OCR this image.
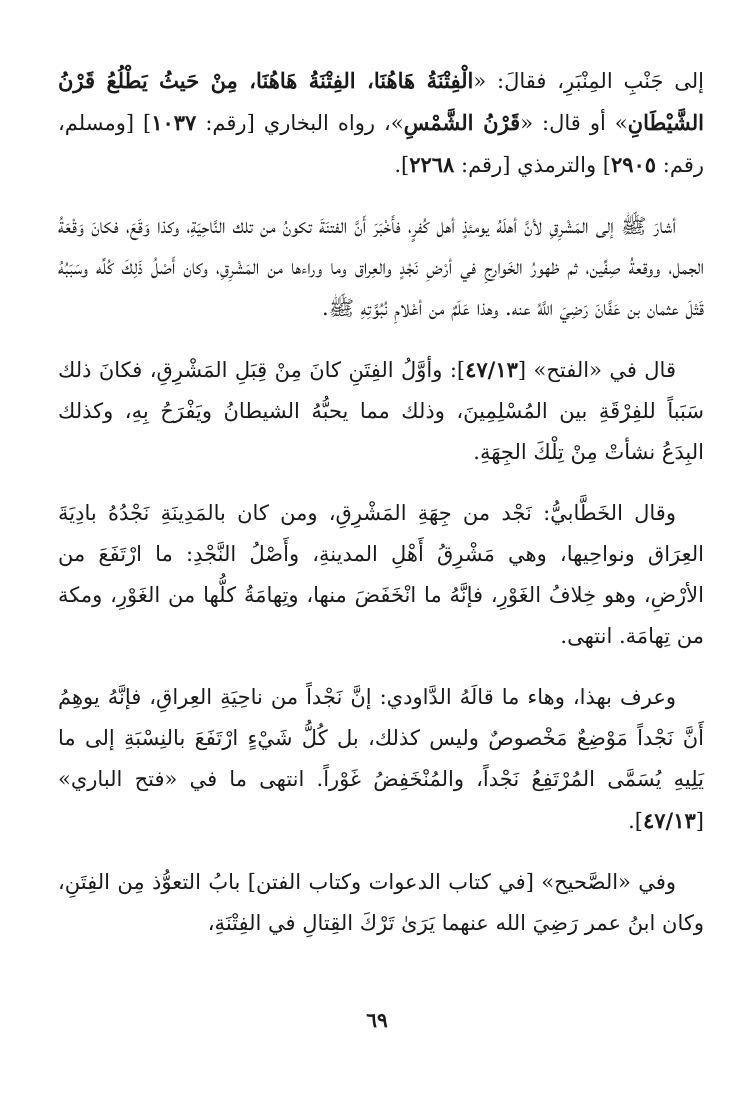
إلى جَنْبِ المِنْبَرِ، فقالَ: «الْفِتْنَةُ هَاهُنَا، الفِتْنَةُ هَاهُنَا، مِنْ حَيثُ يَطْلُعُ قَرْنُ الشَّيْطَانِ» أو قال: «قَرْنُ الشَّمْسِ»، رواه البخاري [رقم: ١٠٣٧] [ومسلم، رقم: ٢٩٠٥] والترمذي [رقم: ٢٢٦٨].

أشارَ ﷺ إلى المَشْرِقِ لأنَّ أهلَهُ يومئذٍ أهل كُفرٍ، فأَخْبَرَ أَنَّ الفتنَةَ تكونُ من تلك النَّاحِيَةِ، وكذا وَقَعَ، فكانَ وَقْعَةُ الجمل، ووقعةُ صِفِّين، ثم ظهورُ الخَوارِجِ في أرْضِ نَجْدٍ والعِراق وما وراءها من المَشْرِقِ، وكان أَصْلُ ذَلِكَ كُلِّه وسَبَبُهُ قَتْلَ عثمان بن عَفَّانَ رَضِيَ اللَّهُ عنه. وهذا عَلَمٌ من أعْلامِ نُبُوَّتِهِ ﷺ.

قال في «الفتح» [٤٧/١٣]: وأوَّلُ الفِتَنِ كانَ مِنْ قِبَلِ المَشْرِقِ، فكانَ ذلك سَبَباً للفِرْقَةِ بين المُسْلِمِينَ، وذلك مما يحبُّهُ الشيطانُ ويَفْرَحُ بِهِ، وكذلك البِدَعُ نشأتْ مِنْ تِلْكَ الجِهَةِ.

وقال الخَطَّابيُّ: نَجْد من جِهَةِ المَشْرِقِ، ومن كان بالمَدِينَةِ نَجْدُهُ بادِيَةَ العِرَاق ونواحِيها، وهي مَشْرِقُ أَهْلِ المدينةِ، وأَصْلُ النَّجْدِ: ما ارْتَفَعَ من الأرْضِ، وهو خِلافُ الغَوْرِ، فإنَّهُ ما انْخَفَضَ منها، وتِهامَةُ كلُّها من الغَوْرِ، ومكة من تِهامَة. انتهى.

وعرف بهذا، وهاء ما قالَهُ الدَّاودي: إنَّ نَجْداً من ناحِيَةِ العِراقِ، فإنَّهُ يوهِمُ أَنَّ نَجْداً مَوْضِعٌ مَخْصوصٌ وليس كذلك، بل كُلُّ شَيْءٍ ارْتَفَعَ بالنِسْبَةِ إلى ما يَلِيهِ يُسَمَّى المُرْتَفِعُ نَجْداً، والمُنْخَفِضُ غَوْراً. انتهى ما في «فتح الباري» [٤٧/١٣].

وفي «الصَّحيح» [في كتاب الدعوات وكتاب الفتن] بابُ التعوُّذ مِن الفِتَنِ، وكان ابنُ عمر رَضِيَ الله عنهما يَرَىٰ تَرْكَ القِتالِ في الفِتْنَةِ،

٦٩
